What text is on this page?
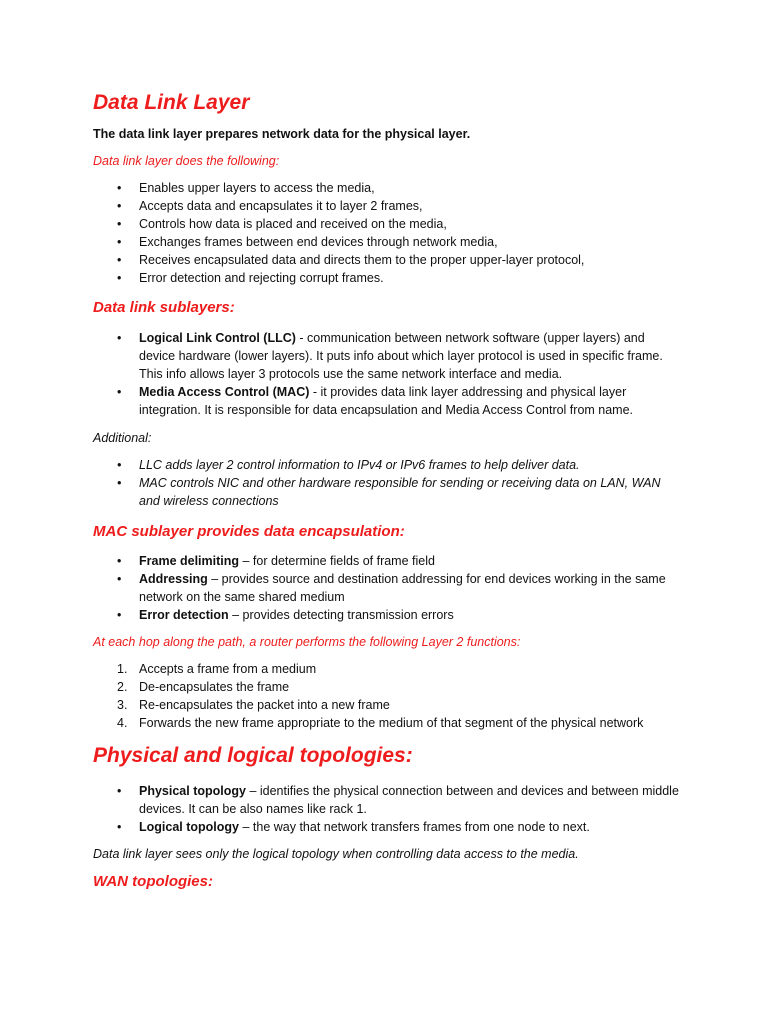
Data Link Layer

The data link layer prepares network data for the physical layer.

Data link layer does the following:

• Enables upper layers to access the media,
• Accepts data and encapsulates it to layer 2 frames,
• Controls how data is placed and received on the media,
• Exchanges frames between end devices through network media,
• Receives encapsulated data and directs them to the proper upper-layer protocol,
• Error detection and rejecting corrupt frames.
Data link sublayers:
• Logical Link Control (LLC) - communication between network software (upper layers) and device hardware (lower layers). It puts info about which layer protocol is used in specific frame. This info allows layer 3 protocols use the same network interface and media.
• Media Access Control (MAC) - it provides data link layer addressing and physical layer integration. It is responsible for data encapsulation and Media Access Control from name.

Additional:

• LLC adds layer 2 control information to IPv4 or IPv6 frames to help deliver data.
• MAC controls NIC and other hardware responsible for sending or receiving data on LAN, WAN and wireless connections
MAC sublayer provides data encapsulation:
• Frame delimiting – for determine fields of frame field
• Addressing – provides source and destination addressing for end devices working in the same network on the same shared medium
• Error detection – provides detecting transmission errors

At each hop along the path, a router performs the following Layer 2 functions:

1. Accepts a frame from a medium
2. De-encapsulates the frame
3. Re-encapsulates the packet into a new frame
4. Forwards the new frame appropriate to the medium of that segment of the physical network
Physical and logical topologies:
• Physical topology – identifies the physical connection between and devices and between middle devices. It can be also names like rack 1.
• Logical topology – the way that network transfers frames from one node to next.

Data link layer sees only the logical topology when controlling data access to the media.

WAN topologies:
